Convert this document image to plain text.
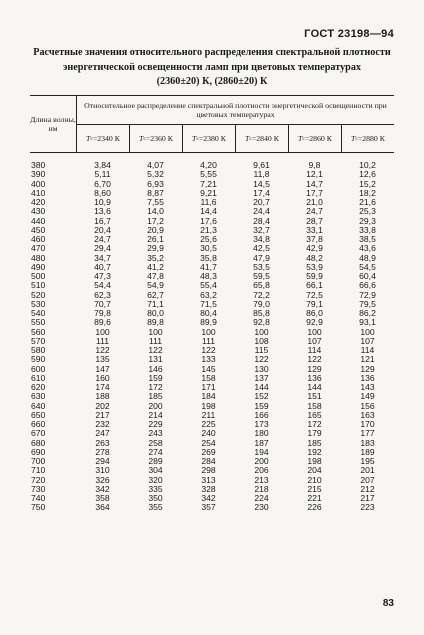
ГОСТ 23198—94
Расчетные значения относительного распределения спектральной плотности
энергетической освещенности ламп при цветовых температурах
(2360±20) К, (2860±20) К
Длина волны, нм
Относительное распределение спектральной плотности энергетической освещенности при цветовых температурах
T c =2340 К T c =2360 К T c =2380 К T c =2840 К T c =2860 К T c =2880 К
380	3,84	4,07	4,20	9,61	9,8	10,2
390	5,11	5,32	5,55	11,8	12,1	12,6
400	6,70	6,93	7,21	14,5	14,7	15,2
410	8,60	8,87	9,21	17,4	17,7	18,2
420	10,9	7,55	11,6	20,7	21,0	21,6
430	13,6	14,0	14,4	24,4	24,7	25,3
440	16,7	17,2	17,6	28,4	28,7	29,3
450	20,4	20,9	21,3	32,7	33,1	33,8
460	24,7	26,1	25,6	34,8	37,8	38,5
470	29,4	29,9	30,5	42,5	42,9	43,6
480	34,7	35,2	35,8	47,9	48,2	48,9
490	40,7	41,2	41,7	53,5	53,9	54,5
500	47,3	47,8	48,3	59,5	59,9	60,4
510	54,4	54,9	55,4	65,8	66,1	66,6
520	62,3	62,7	63,2	72,2	72,5	72,9
530	70,7	71,1	71,5	79,0	79,1	79,5
540	79,8	80,0	80,4	85,8	86,0	86,2
550	89,6	89,8	89,9	92,8	92,9	93,1
560	100	100	100	100	100	100
570	111	111	111	108	107	107
580	122	122	122	115	114	114
590	135	131	133	122	122	121
600	147	146	145	130	129	129
610	160	159	158	137	136	136
620	174	172	171	144	144	143
630	188	185	184	152	151	149
640	202	200	198	159	158	156
650	217	214	211	166	165	163
660	232	229	225	173	172	170
670	247	243	240	180	179	177
680	263	258	254	187	185	183
690	278	274	269	194	192	189
700	294	289	284	200	198	195
710	310	304	298	206	204	201
720	326	320	313	213	210	207
730	342	335	328	218	215	212
740	358	350	342	224	221	217
750	364	355	357	230	226	223
83
